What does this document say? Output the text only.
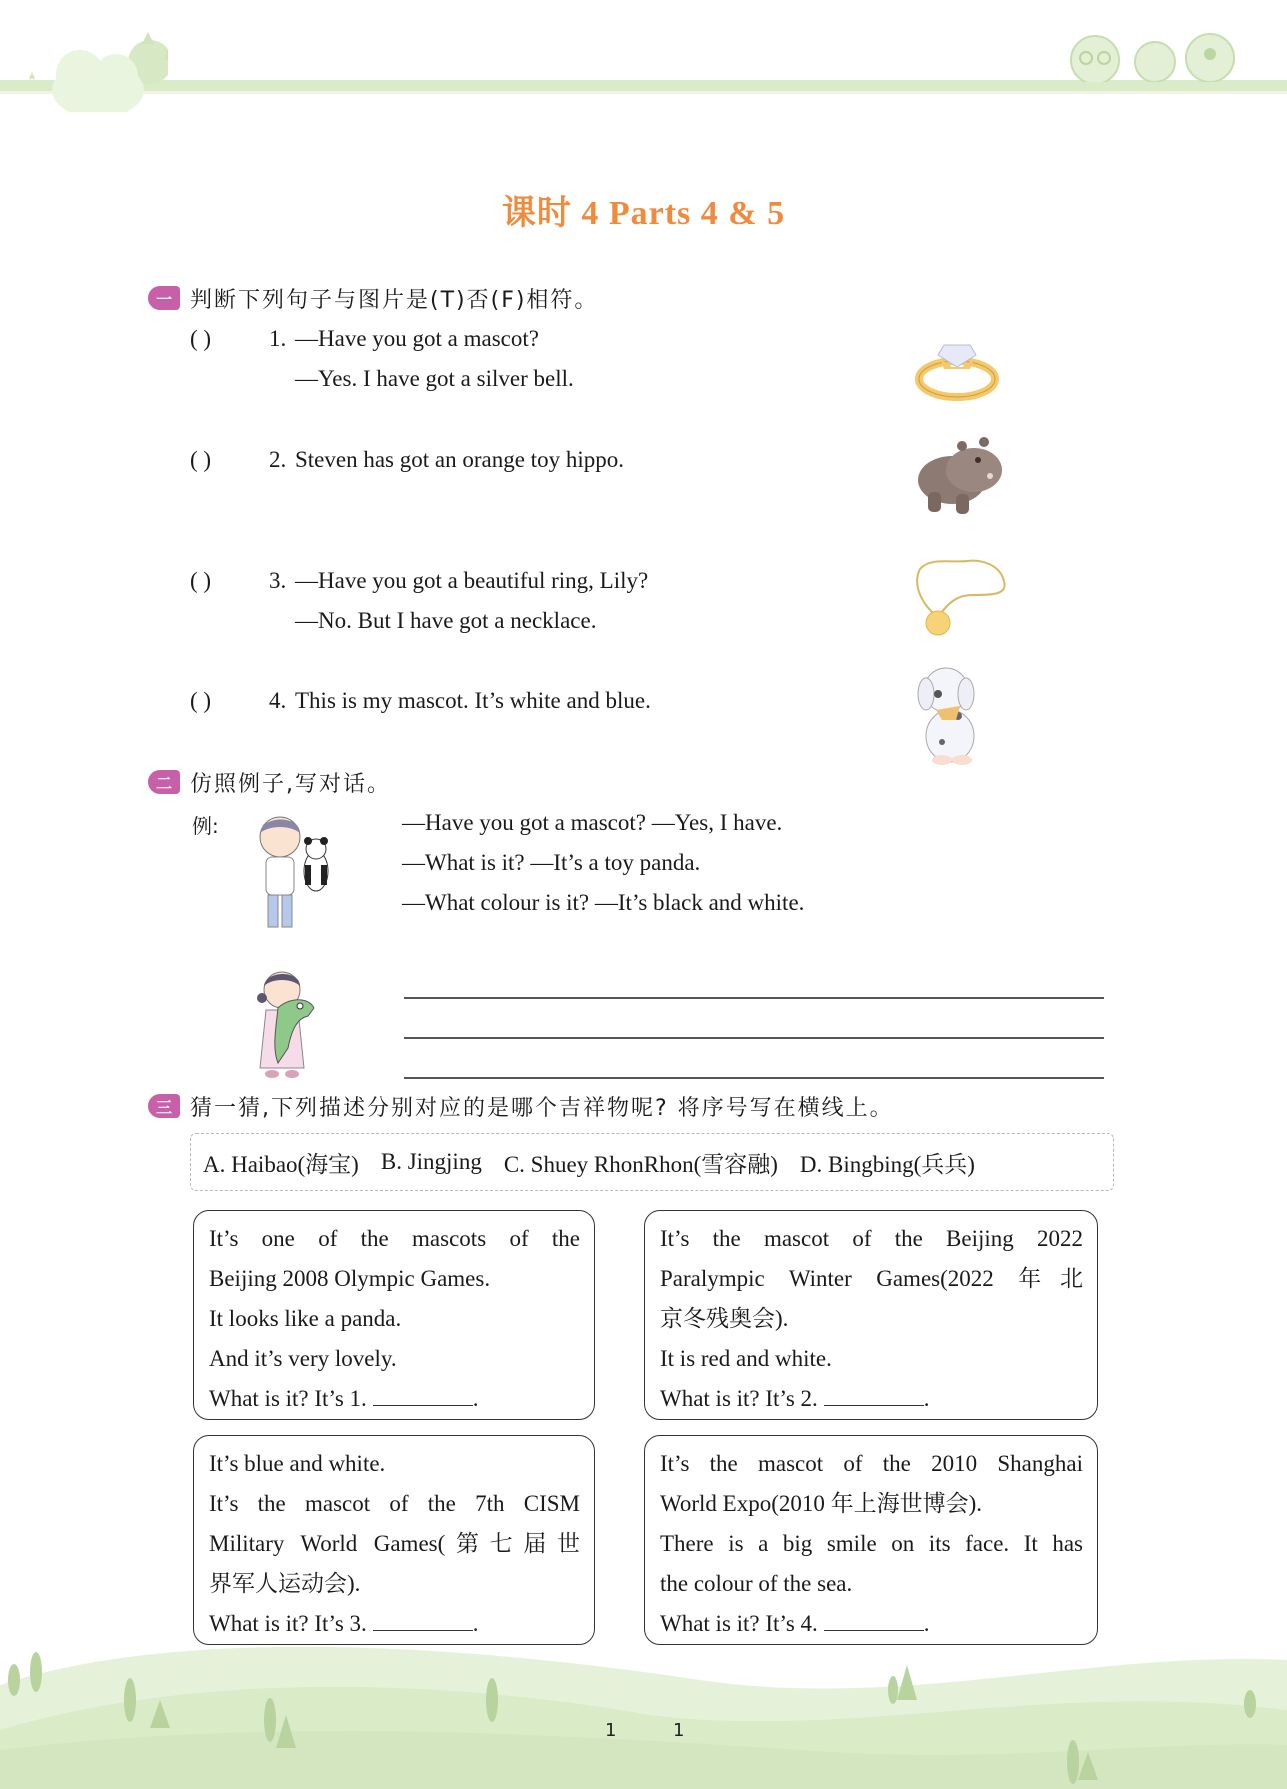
课时 4 Parts 4 & 5
一 判断下列句子与图片是(T)否(F)相符。
( )	1. —Have you got a mascot?
—Yes. I have got a silver bell.
( )	2. Steven has got an orange toy hippo.
( )	3. —Have you got a beautiful ring, Lily?
—No. But I have got a necklace.
( )	4. This is my mascot. It’s white and blue.
二 仿照例子,写对话。
例:	—Have you got a mascot? —Yes, I have.
—What is it? —It’s a toy panda.
—What colour is it? —It’s black and white.
三 猜一猜,下列描述分别对应的是哪个吉祥物呢? 将序号写在横线上。
A. Haibao(海宝) B. Jingjing C. Shuey RhonRhon(雪容融) D. Bingbing(兵兵)
It’s one of the mascots of the
Beijing 2008 Olympic Games.
It looks like a panda.
And it’s very lovely.
What is it? It’s 1.	.
It’s the mascot of the Beijing 2022
Paralympic Winter Games(2022 年北
京冬残奥会).
It is red and white.
What is it? It’s 2.	.
It’s blue and white.
It’s the mascot of the 7th CISM
Military World Games(第七届世
界军人运动会).
What is it? It’s 3.	.
It’s the mascot of the 2010 Shanghai
World Expo(2010 年上海世博会).
There is a big smile on its face. It has
the colour of the sea.
What is it? It’s 4.	.
1	1
